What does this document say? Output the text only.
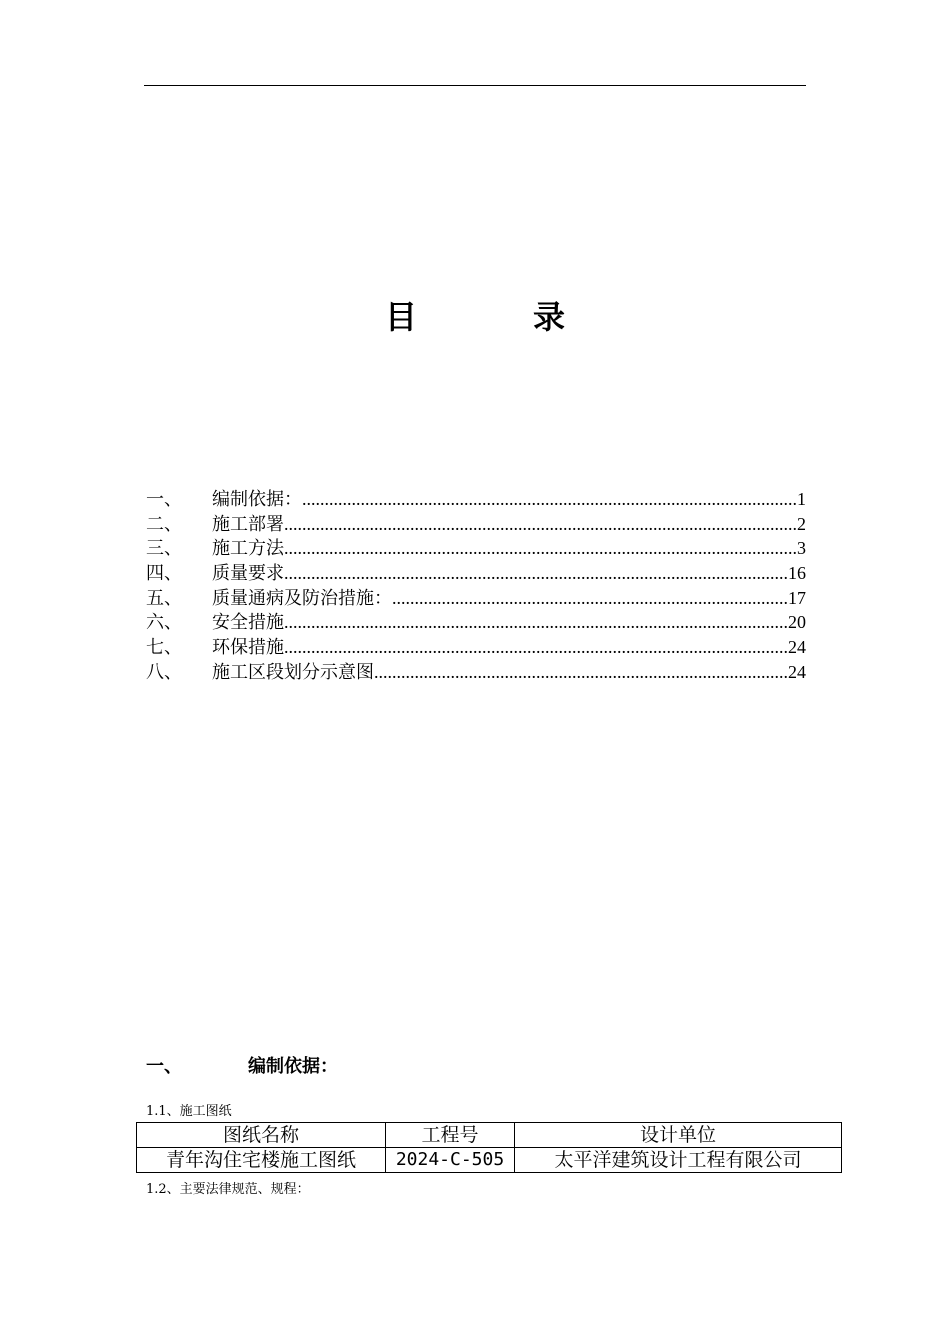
目　录
一、	编制依据： .....	1
二、	施工部署 .....	2
三、	施工方法 .....	3
四、	质量要求 .....	16
五、	质量通病及防治措施： .....	17
六、	安全措施 .....	20
七、	环保措施 .....	24
八、	施工区段划分示意图 .....	24
一、	编制依据：
1.1、施工图纸
图纸名称	工程号	设计单位
青年沟住宅楼施工图纸	2024-C-505	太平洋建筑设计工程有限公司
1.2、主要法律规范、规程：
